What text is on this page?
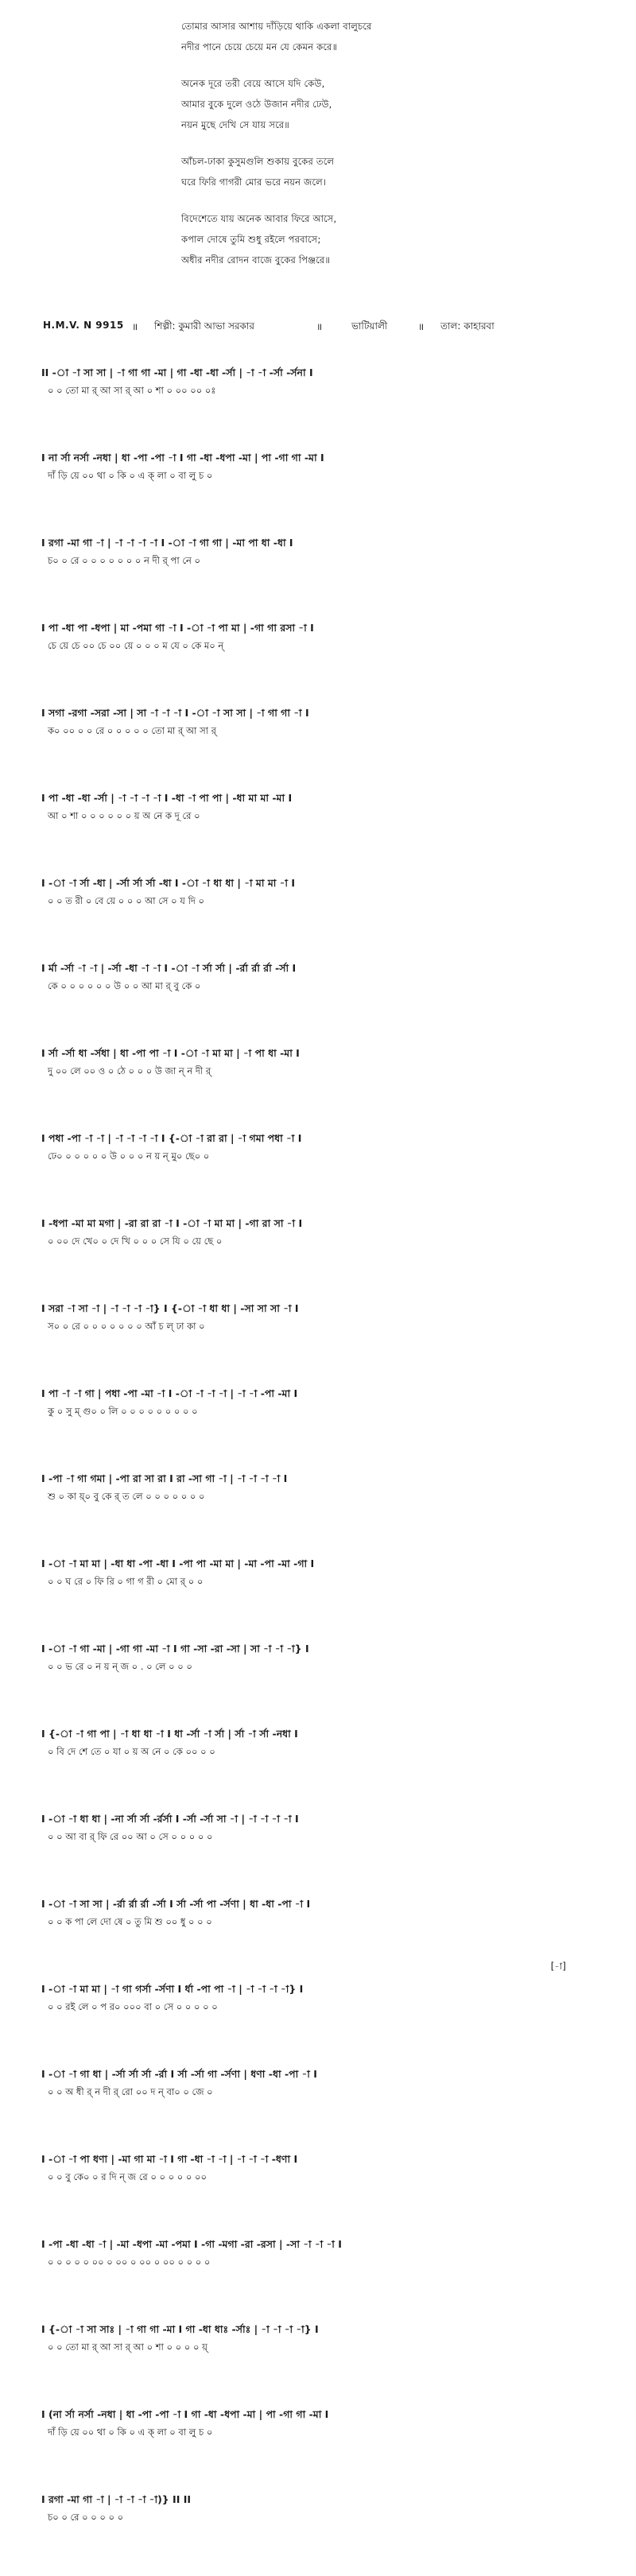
তোমার আসার আশায় দাঁড়িয়ে থাকি একলা বালুচরে
নদীর পানে চেয়ে চেয়ে মন যে কেমন করে॥
অনেক দূরে তরী বেয়ে আসে যদি কেউ,
আমার বুকে দুলে ওঠে উজান নদীর ঢেউ,
নয়ন মুছে দেখি সে যায় সরে॥
আঁচল-ঢাকা কুসুমগুলি শুকায় বুকের তলে
ঘরে ফিরি গাগরী মোর ভরে নয়ন জলে।
বিদেশেতে যায় অনেক আবার ফিরে আসে,
কপাল দোষে তুমি শুধু রইলে পরবাসে;
অধীর নদীর রোদন বাজে বুকের পিঞ্জরে॥
H.M.V. N 9915 ॥ শিল্পী: কুমারী আভা সরকার	॥	ভাটিয়ালী	॥ তাল: কাহারবা
II -া -া সা সা | -া গা গা -মা | গা -ধা -ধা -র্সা | -া -া -র্সা -র্সনা I
০ ০ তো মা র্ আ সা র্ আ ০ শা ০ ০০ ০০ ০ঃ
I না র্সা নর্সা -নধা | ধা -পা -পা -া I গা -ধা -ধপা -মা | পা -গা গা -মা I
দাঁ ড়ি য়ে ০০ থা ০ কি ০ এ ক্ লা ০ বা লু চ ০
I রগা -মা গা -া | -া -া -া -া I -া -া গা গা | -মা পা ধা -ধা I
চ০ ০ রে ০ ০ ০ ০ ০ ০ ০ ন দী র্ পা নে ০
I পা -ধা পা -ধপা | মা -পমা গা -া I -া -া পা মা | -গা গা রসা -া I
চে য়ে চে ০০ চে ০০ য়ে ০ ০ ০ ম যে ০ কে ম০ ন্
I সগা -রগা -সরা -সা | সা -া -া -া I -া -া সা সা | -া গা গা -া I
ক০ ০০ ০ ০ রে ০ ০ ০ ০ ০ তো মা র্ আ সা র্
I পা -ধা -ধা -র্সা | -া -া -া -া I -ধা -া পা পা | -ধা মা মা -মা I
আ ০ শা ০ ০ ০ ০ ০ ০ য় অ নে ক দূ রে ০
I -া -া র্সা -ধা | -র্সা র্সা র্সা -ধা I -া -া ধা ধা | -া মা মা -া I
০ ০ ত রী ০ বে য়ে ০ ০ ০ আ সে ০ য দি ০
I র্মা -র্সা -া -া | -র্সা -ধা -া -া I -া -া র্সা র্সা | -র্রা র্রা র্রা -র্সা I
কে ০ ০ ০ ০ ০ ০ উ ০ ০ আ মা র্ বু কে ০
I র্সা -র্সা ধা -র্সধা | ধা -পা পা -া I -া -া মা মা | -া পা ধা -মা I
দু ০০ লে ০০ ও ০ ঠে ০ ০ ০ উ জা ন্ ন দী র্
I পধা -পা -া -া | -া -া -া -া I {-া -া রা রা | -া গমা পধা -া I
ঢে০ ০ ০ ০ ০ ০ উ ০ ০ ০ ন য় ন্ মু০ ছে০ ০
I -ধপা -মা মা মগা | -রা রা রা -া I -া -া মা মা | -গা রা সা -া I
০ ০০ দে খে০ ০ দে খি ০ ০ ০ সে যি ০ য়ে ছে ০
I সরা -া সা -া | -া -া -া -া} I {-া -া ধা ধা | -সা সা সা -া I
স০ ০ রে ০ ০ ০ ০ ০ ০ ০ আঁ চ ল্ ঢা কা ০
I পা -া -া গা | পধা -পা -মা -া I -া -া -া -া | -া -া -পা -মা I
কু ০ সু ম্ গু০ ০ লি ০ ০ ০ ০ ০ ০ ০ ০ ০
I -পা -া গা গমা | -পা রা সা রা I রা -সা গা -া | -া -া -া -া I
শু ০ কা য়্০ বু কে র্ ত লে ০ ০ ০ ০ ০ ০ ০
I -া -া মা মা | -ধা ধা -পা -ধা I -পা পা -মা মা | -মা -পা -মা -গা I
০ ০ ঘ রে ০ ফি রি ০ গা গ রী ০ মো র্ ০ ০
I -া -া গা -মা | -গা গা -মা -া I গা -সা -রা -সা | সা -া -া -া} I
০ ০ ভ রে ০ ন য় ন্ জ ০ . ০ লে ০ ০ ০
I {-া -া গা পা | -া ধা ধা -া I ধা -র্সা -া র্সা | র্সা -া র্সা -নধা I
০ বি দে শে তে ০ যা ০ য় অ নে ০ কে ০০ ০ ০
I -া -া ধা ধা | -না র্সা র্সা -র্রর্সা I -র্সা -র্সা সা -া | -া -া -া -া I
০ ০ আ বা র্ ফি রে ০০ আ ০ সে ০ ০ ০ ০ ০
I -া -া সা সা | -র্রা র্রা র্রা -র্সা I র্সা -র্সা পা -র্সণা | ধা -ধা -পা -া I
০ ০ ক পা লে দো ষে ০ তু মি শু ০০ ধু ০ ০ ০
[-া]
I -া -া মা মা | -া গা গর্সা -র্সণা I র্ধা -পা পা -া | -া -া -া -া} I
০ ০ রই লে ০ প র০ ০০০ বা ০ সে ০ ০ ০ ০ ০
I -া -া গা ধা | -র্সা র্সা র্সা -র্রা I র্সা -র্সা গা -র্সণা | ধণা -ধা -পা -া I
০ ০ অ ধী র্ ন দী র্ রো ০০ দ ন্ বা০ ০ জে ০
I -া -া পা ধণা | -মা গা মা -া I গা -ধা -া -া | -া -া -া -ধণা I
০ ০ বু কে০ ০ র দি ন্ জ রে ০ ০ ০ ০ ০ ০০
I -পা -ধা -ধা -া | -মা -ধপা -মা -পমা I -গা -মগা -রা -রসা | -সা -া -া -া I
০ ০ ০ ০ ০ ০০ ০ ০০ ০ ০০ ০ ০০ ০ ০ ০ ০
I {-া -া সা সাঃ | -া গা গা -মা I গা -ধা ধাঃ -র্সাঃ | -া -া -া -া} I
০ ০ তো মা র্ আ সা র্ আ ০ শা ০ ০ ০ ০ য়্
I (না র্সা নর্সা -নধা | ধা -পা -পা -া I গা -ধা -ধপা -মা | পা -গা গা -মা I
দাঁ ড়ি য়ে ০০ থা ০ কি ০ এ ক্ লা ০ বা লু চ ০
I রগা -মা গা -া | -া -া -া -া)} II II
চ০ ০ রে ০ ০ ০ ০ ০
